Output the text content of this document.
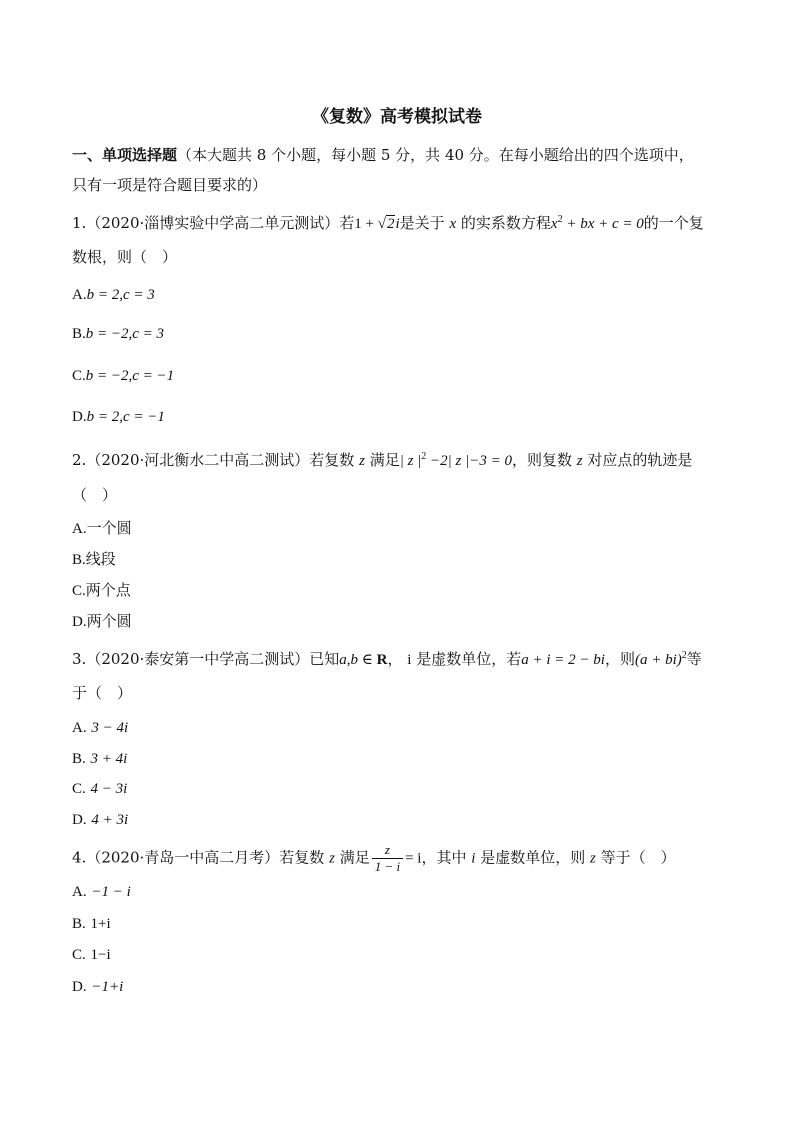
《复数》高考模拟试卷
一、单项选择题（本大题共 8 个小题，每小题 5 分，共 40 分。在每小题给出的四个选项中，
只有一项是符合题目要求的）
1.（2020·淄博实验中学高二单元测试）若1 + √2i是关于 x 的实系数方程$x^2$ + bx + c = 0的一个复
数根，则（　）
A.b = 2,c = 3
B.b = −2,c = 3
C.b = −2,c = −1
D.b = 2,c = −1
2.（2020·河北衡水二中高二测试）若复数 z 满足| z $|^2 -2|$ z |−3 = 0，则复数 z 对应点的轨迹是
（　）
A.一个圆
B.线段
C.两个点
D.两个圆
3.（2020·泰安第一中学高二测试）已知a,b ∈ R， i 是虚数单位，若a + i = 2 − bi，则(a + bi)$^2$等
于（　）
A. 3 − 4i
B. 3 + 4i
C. 4 − 3i
D. 4 + 3i
4.（2020·青岛一中高二月考）若复数 z 满足 $\frac{z}{1 - i} = i$，其中 i 是虚数单位，则 z 等于（　）
A. −1 − i
B. 1+i
C. 1−i
D. −1+i
